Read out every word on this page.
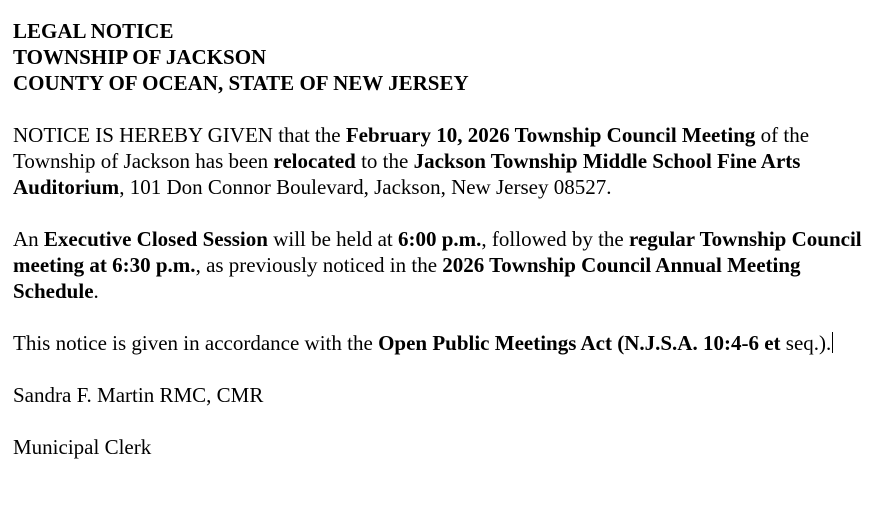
LEGAL NOTICE
TOWNSHIP OF JACKSON
COUNTY OF OCEAN, STATE OF NEW JERSEY

NOTICE IS HEREBY GIVEN that the February 10, 2026 Township Council Meeting of the Township of Jackson has been relocated to the Jackson Township Middle School Fine Arts Auditorium, 101 Don Connor Boulevard, Jackson, New Jersey 08527.

An Executive Closed Session will be held at 6:00 p.m., followed by the regular Township Council meeting at 6:30 p.m., as previously noticed in the 2026 Township Council Annual Meeting Schedule.

This notice is given in accordance with the Open Public Meetings Act (N.J.S.A. 10:4-6 et seq.).

Sandra F. Martin RMC, CMR

Municipal Clerk
